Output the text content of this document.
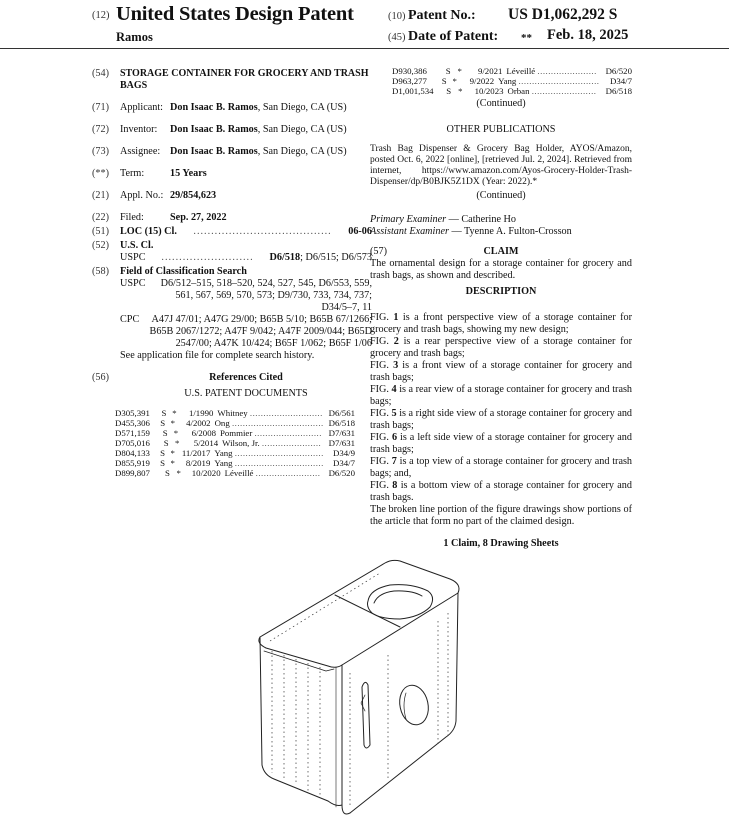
(12) United States Design Patent
Ramos
(10) Patent No.: US D1,062,292 S
(45) Date of Patent: ** Feb. 18, 2025
(54) STORAGE CONTAINER FOR GROCERY AND TRASH BAGS
(71) Applicant: Don Isaac B. Ramos, San Diego, CA (US)
(72) Inventor:	Don Isaac B. Ramos, San Diego, CA (US)
(73) Assignee: Don Isaac B. Ramos, San Diego, CA (US)
(**) Term:	15 Years
(21) Appl. No.: 29/854,623
(22) Filed:	Sep. 27, 2022
(51) LOC (15) Cl. ....................................... 06-06
(52) U.S. Cl.
USPC .......................... D6/518; D6/515; D6/573
(58) Field of Classification Search
USPC	D6/512–515, 518–520, 524, 527, 545, D6/553, 559, 561, 567, 569, 570, 573; D9/730, 733, 734, 737; D34/5–7, 11
CPC	A47J 47/01; A47G 29/00; B65B 5/10; B65B 67/1266; B65B 2067/1272; A47F 9/042; A47F 2009/044; B65D 2547/00; A47K 10/424; B65F 1/062; B65F 1/06
See application file for complete search history.
(56)	References Cited
U.S. PATENT DOCUMENTS
D305,391	S *	1/1990 Whitney ........................... D6/561
D455,306	S *	4/2002 Ong .................................. D6/518
D571,159	S *	6/2008 Pommier ......................... D7/631
D705,016	S *	5/2014 Wilson, Jr. ...................... D7/631
D804,133	S * 11/2017 Yang .................................	D34/9
D855,919	S *	8/2019 Yang .................................	D34/7
D899,807	S *	10/2020 Léveillé ........................ D6/520
D930,386	S *	9/2021 Léveillé ...................... D6/520
D963,277	S *	9/2022 Yang ..............................	D34/7
D1,001,534	S *	10/2023 Orban ........................	D6/518
(Continued)
OTHER PUBLICATIONS
Trash Bag Dispenser & Grocery Bag Holder, AYOS/Amazon, posted Oct. 6, 2022 [online], [retrieved Jul. 2, 2024]. Retrieved from internet, https://www.amazon.com/Ayos-Grocery-Holder-Trash-Dispenser/dp/B0BJK5Z1DX (Year: 2022).*
(Continued)
Primary Examiner — Catherine Ho
Assistant Examiner — Tyenne A. Fulton-Crosson
(57)	CLAIM
The ornamental design for a storage container for grocery and trash bags, as shown and described.
DESCRIPTION
FIG. 1 is a front perspective view of a storage container for grocery and trash bags, showing my new design;
FIG. 2 is a rear perspective view of a storage container for grocery and trash bags;
FIG. 3 is a front view of a storage container for grocery and trash bags;
FIG. 4 is a rear view of a storage container for grocery and trash bags;
FIG. 5 is a right side view of a storage container for grocery and trash bags;
FIG. 6 is a left side view of a storage container for grocery and trash bags;
FIG. 7 is a top view of a storage container for grocery and trash bags; and,
FIG. 8 is a bottom view of a storage container for grocery and trash bags.
The broken line portion of the figure drawings show portions of the article that form no part of the claimed design.
1 Claim, 8 Drawing Sheets
